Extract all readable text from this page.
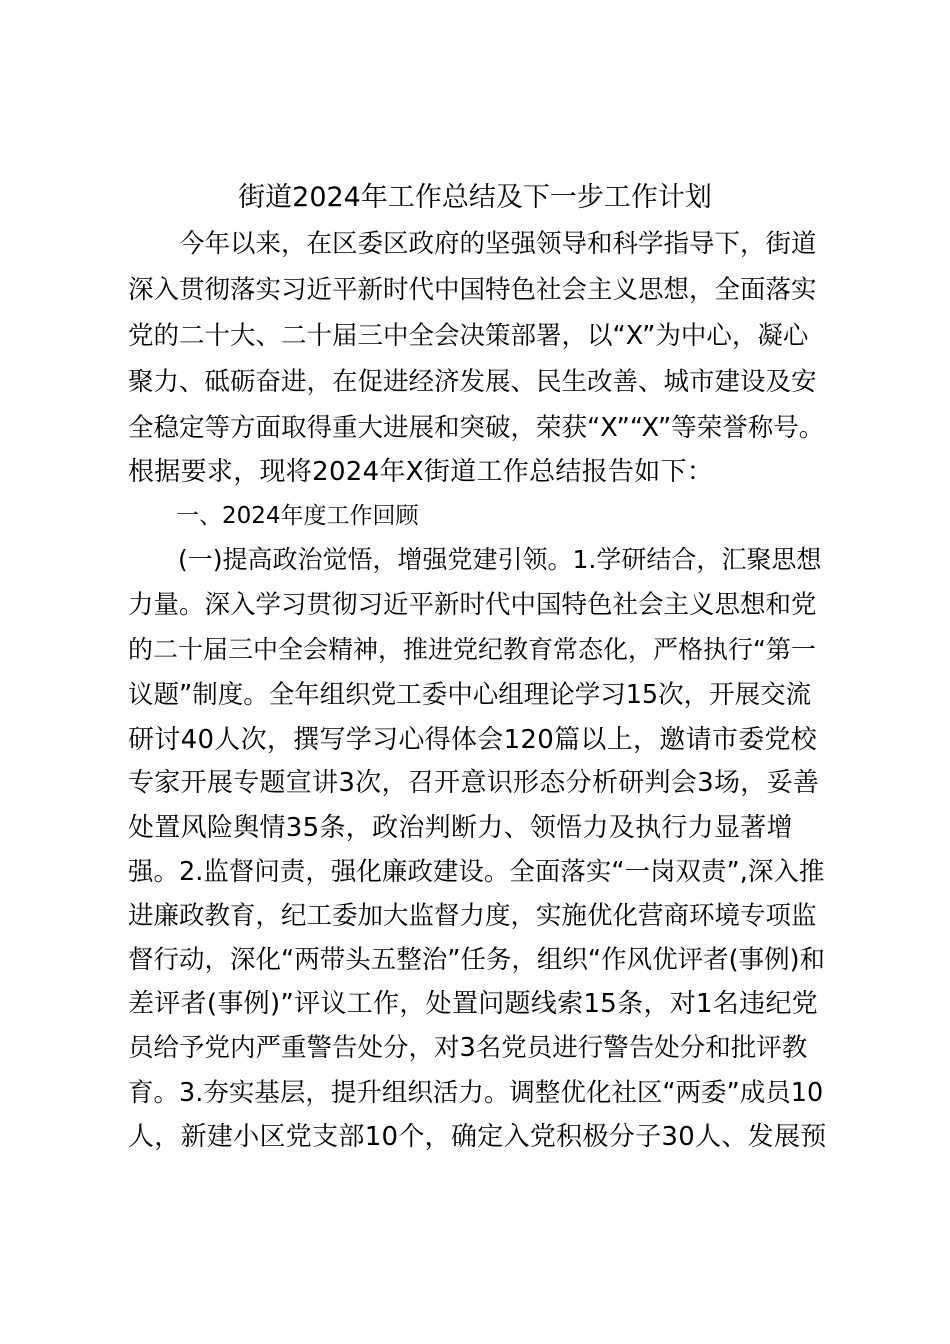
街道2024年工作总结及下一步工作计划
　　今年以来，在区委区政府的坚强领导和科学指导下，街道
深入贯彻落实习近平新时代中国特色社会主义思想，全面落实
党的二十大、二十届三中全会决策部署，以“X”为中心，凝心
聚力、砥砺奋进，在促进经济发展、民生改善、城市建设及安
全稳定等方面取得重大进展和突破，荣获“X”“X”等荣誉称号。
根据要求，现将2024年X街道工作总结报告如下：
一、2024年度工作回顾
　　(一)提高政治觉悟，增强党建引领。1.学研结合，汇聚思想
力量。深入学习贯彻习近平新时代中国特色社会主义思想和党
的二十届三中全会精神，推进党纪教育常态化，严格执行“第一
议题”制度。全年组织党工委中心组理论学习15次，开展交流
研讨40人次，撰写学习心得体会120篇以上，邀请市委党校
专家开展专题宣讲3次，召开意识形态分析研判会3场，妥善
处置风险舆情35条，政治判断力、领悟力及执行力显著增
强。2.监督问责，强化廉政建设。全面落实“一岗双责”,深入推
进廉政教育，纪工委加大监督力度，实施优化营商环境专项监
督行动，深化“两带头五整治”任务，组织“作风优评者(事例)和
差评者(事例)”评议工作，处置问题线索15条，对1名违纪党
员给予党内严重警告处分，对3名党员进行警告处分和批评教
育。3.夯实基层，提升组织活力。调整优化社区“两委”成员10
人，新建小区党支部10个，确定入党积极分子30人、发展预
